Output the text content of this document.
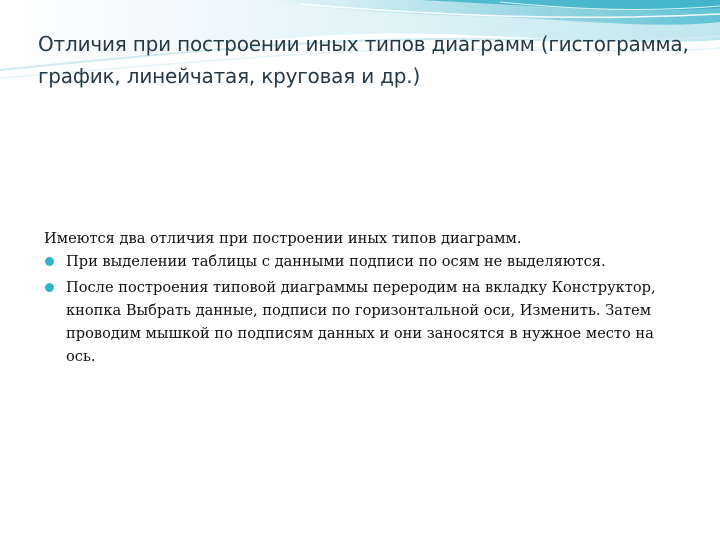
Отличия при построении иных типов диаграмм (гистограмма, график, линейчатая, круговая и др.)

Имеются два отличия при построении иных типов диаграмм.

При выделении таблицы с данными подписи по осям не выделяются.
После построения типовой диаграммы перeродим на вкладку Конструктор, кнопка Выбрать данные, подписи по горизонтальной оси, Изменить. Затем проводим мышкой по подписям данных и они заносятся в нужное место на ось.
